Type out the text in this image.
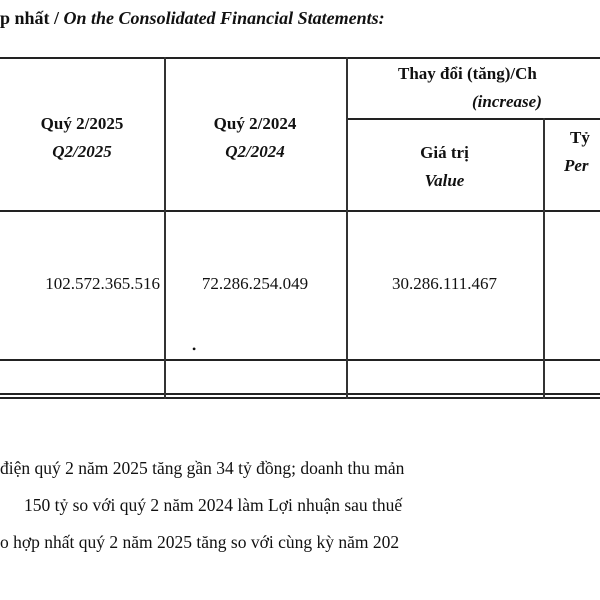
p nhất / On the Consolidated Financial Statements:
Quý 2/2025
Q2/2025
Quý 2/2024
Q2/2024
Thay đổi (tăng)/Ch
(increase)
Giá trị
Value
Tỷ
Per
102.572.365.516	72.286.254.049	30.286.111.467
•
điện quý 2 năm 2025 tăng gần 34 tỷ đồng; doanh thu mản
150 tỷ so với quý 2 năm 2024 làm Lợi nhuận sau thuế
o hợp nhất quý 2 năm 2025 tăng so với cùng kỳ năm 202
